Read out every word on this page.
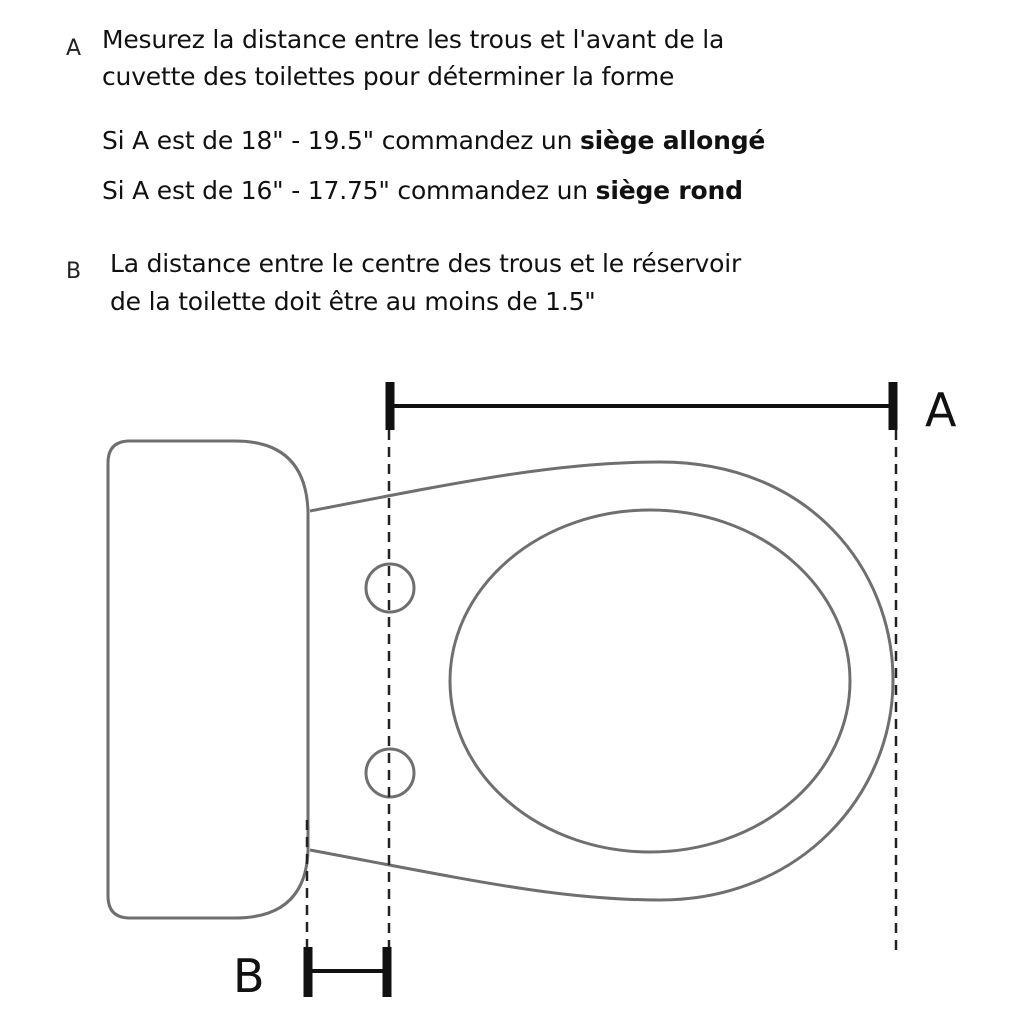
A Mesurez la distance entre les trous et l'avant de la
cuvette des toilettes pour déterminer la forme
Si A est de 18" - 19.5" commandez un siège allongé
Si A est de 16" - 17.75" commandez un siège rond
B La distance entre le centre des trous et le réservoir
de la toilette doit être au moins de 1.5"
A
B
